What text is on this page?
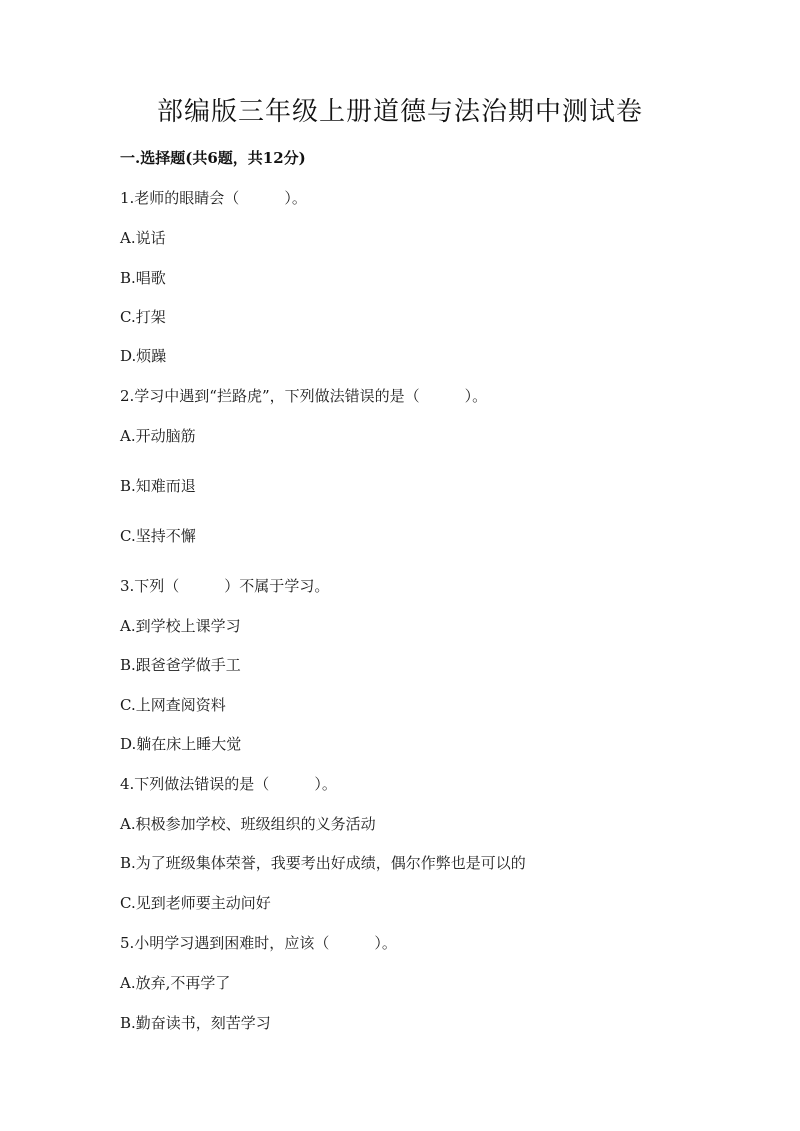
部编版三年级上册道德与法治期中测试卷
一.选择题(共6题，共12分)
1.老师的眼睛会（　　　）。
A.说话
B.唱歌
C.打架
D.烦躁
2.学习中遇到“拦路虎”，下列做法错误的是（　　　）。
A.开动脑筋
B.知难而退
C.坚持不懈
3.下列（　　　）不属于学习。
A.到学校上课学习
B.跟爸爸学做手工
C.上网查阅资料
D.躺在床上睡大觉
4.下列做法错误的是（　　　）。
A.积极参加学校、班级组织的义务活动
B.为了班级集体荣誉，我要考出好成绩，偶尔作弊也是可以的
C.见到老师要主动问好
5.小明学习遇到困难时，应该（　　　）。
A.放弃,不再学了
B.勤奋读书，刻苦学习
